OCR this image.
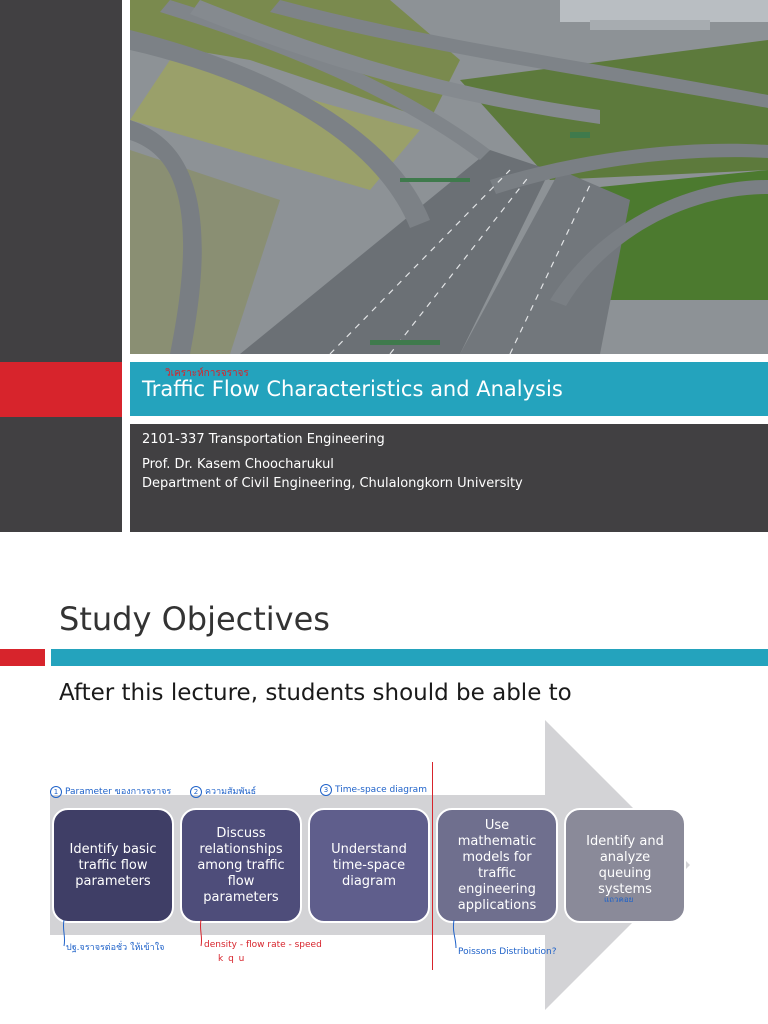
วิเคราะห์การจราจร
Traffic Flow Characteristics and Analysis
2101-337 Transportation Engineering
Prof. Dr. Kasem Choocharukul
Department of Civil Engineering, Chulalongkorn University
Study Objectives
After this lecture, students should be able to
Identify basic traffic flow parameters
Discuss relationships among traffic flow parameters
Understand time-space diagram
Use mathematic models for traffic engineering applications
Identify and analyze queuing systems
1 Parameter ของการจราจร	2 ความสัมพันธ์	3 Time-space diagram
ปฐ.จราจรต่อชั่ว ให้เข้าใจ	density - flow rate - speed
k q u
Poissons Distribution?
แถวคอย
